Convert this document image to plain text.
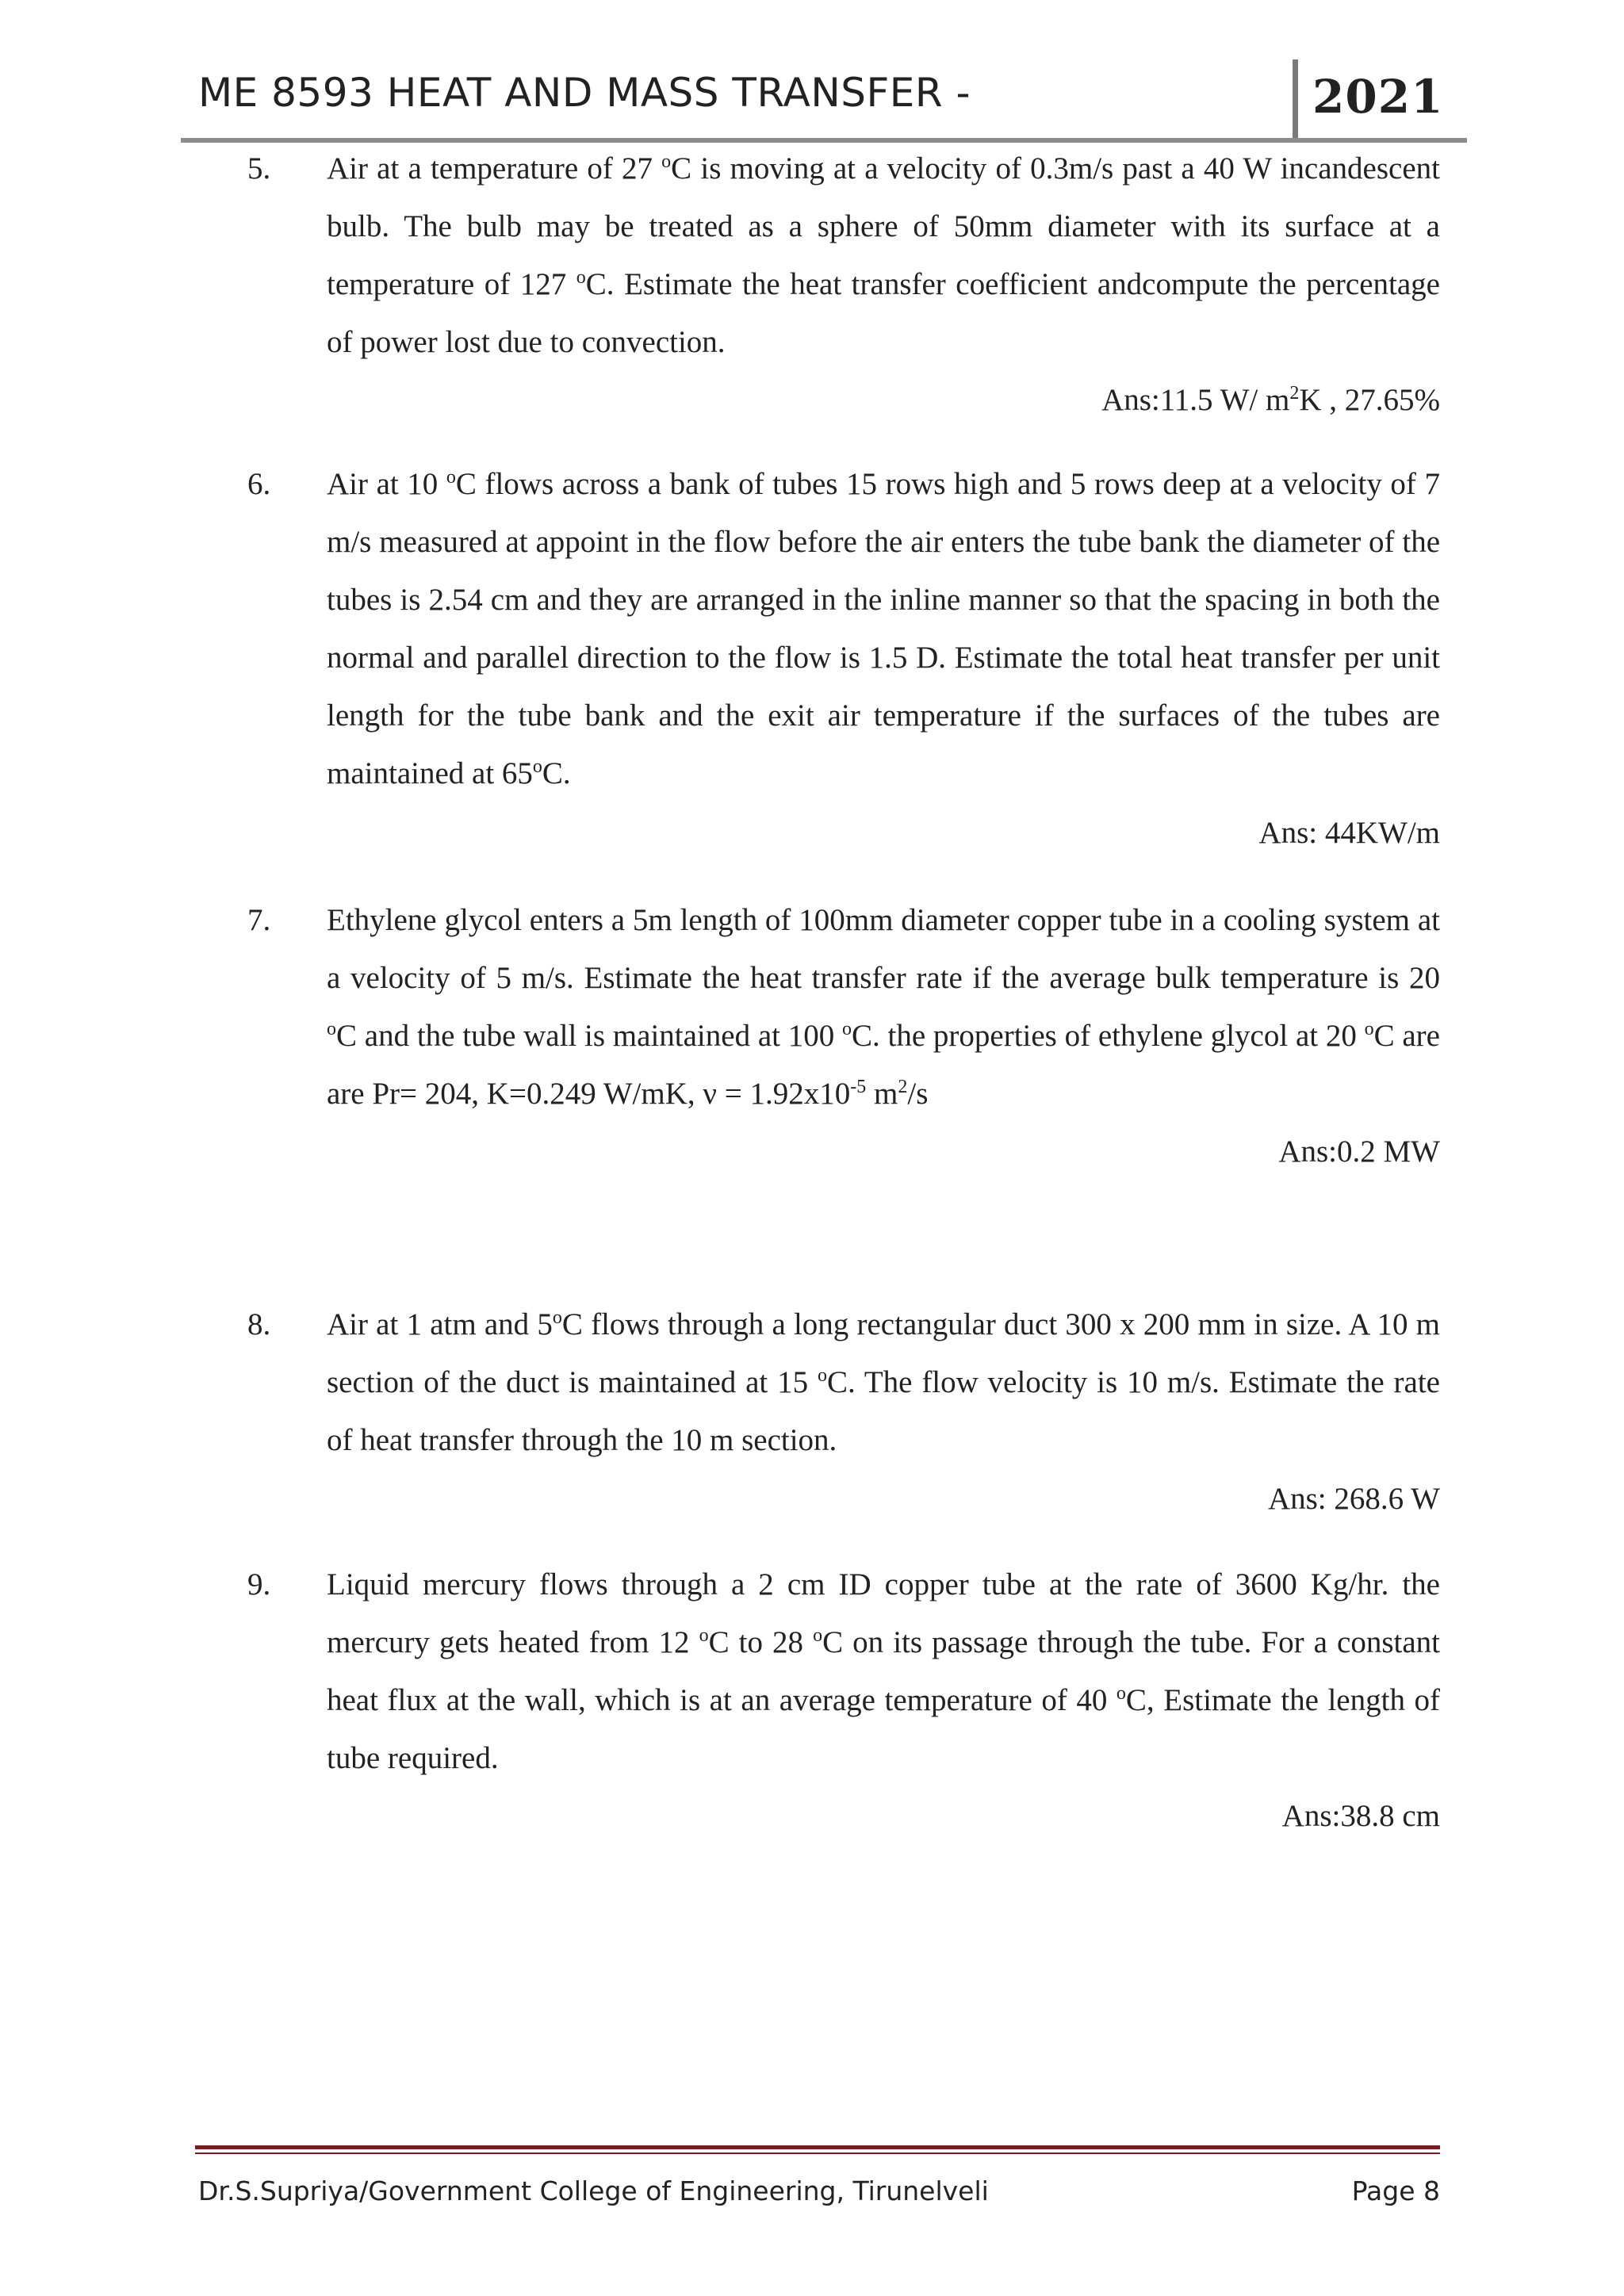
ME 8593 HEAT AND MASS TRANSFER -	2021
5. Air at a temperature of 27 $^o$C is moving at a velocity of 0.3m/s past a 40 W incandescent bulb. The bulb may be treated as a sphere of 50mm diameter with its surface at a temperature of 127 $^o$C. Estimate the heat transfer coefficient andcompute the percentage of power lost due to convection.
Ans:11.5 W/ $m^2K$ , 27.65%
6. Air at 10 $^o$C flows across a bank of tubes 15 rows high and 5 rows deep at a velocity of 7 m/s measured at appoint in the flow before the air enters the tube bank the diameter of the tubes is 2.54 cm and they are arranged in the inline manner so that the spacing in both the normal and parallel direction to the flow is 1.5 D. Estimate the total heat transfer per unit length for the tube bank and the exit air temperature if the surfaces of the tubes are maintained at 65$^o$C.
Ans: 44KW/m
7. Ethylene glycol enters a 5m length of 100mm diameter copper tube in a cooling system at a velocity of 5 m/s. Estimate the heat transfer rate if the average bulk temperature is 20 $^o$C and the tube wall is maintained at 100 $^o$C. the properties of ethylene glycol at 20 $^o$C are are Pr= 204, K=0.249 W/mK, $\nu = 1.92x10^{-5}$ $m^2/s$
Ans:0.2 MW
8. Air at 1 atm and 5$^o$C flows through a long rectangular duct 300 x 200 mm in size. A 10 m section of the duct is maintained at 15 $^o$C. The flow velocity is 10 m/s. Estimate the rate of heat transfer through the 10 m section.
Ans: 268.6 W
9. Liquid mercury flows through a 2 cm ID copper tube at the rate of 3600 Kg/hr. the mercury gets heated from 12 $^o$C to 28 $^o$C on its passage through the tube. For a constant heat flux at the wall, which is at an average temperature of 40 $^o$C, Estimate the length of tube required.
Ans:38.8 cm
Dr.S.Supriya/Government College of Engineering, Tirunelveli	Page 8
